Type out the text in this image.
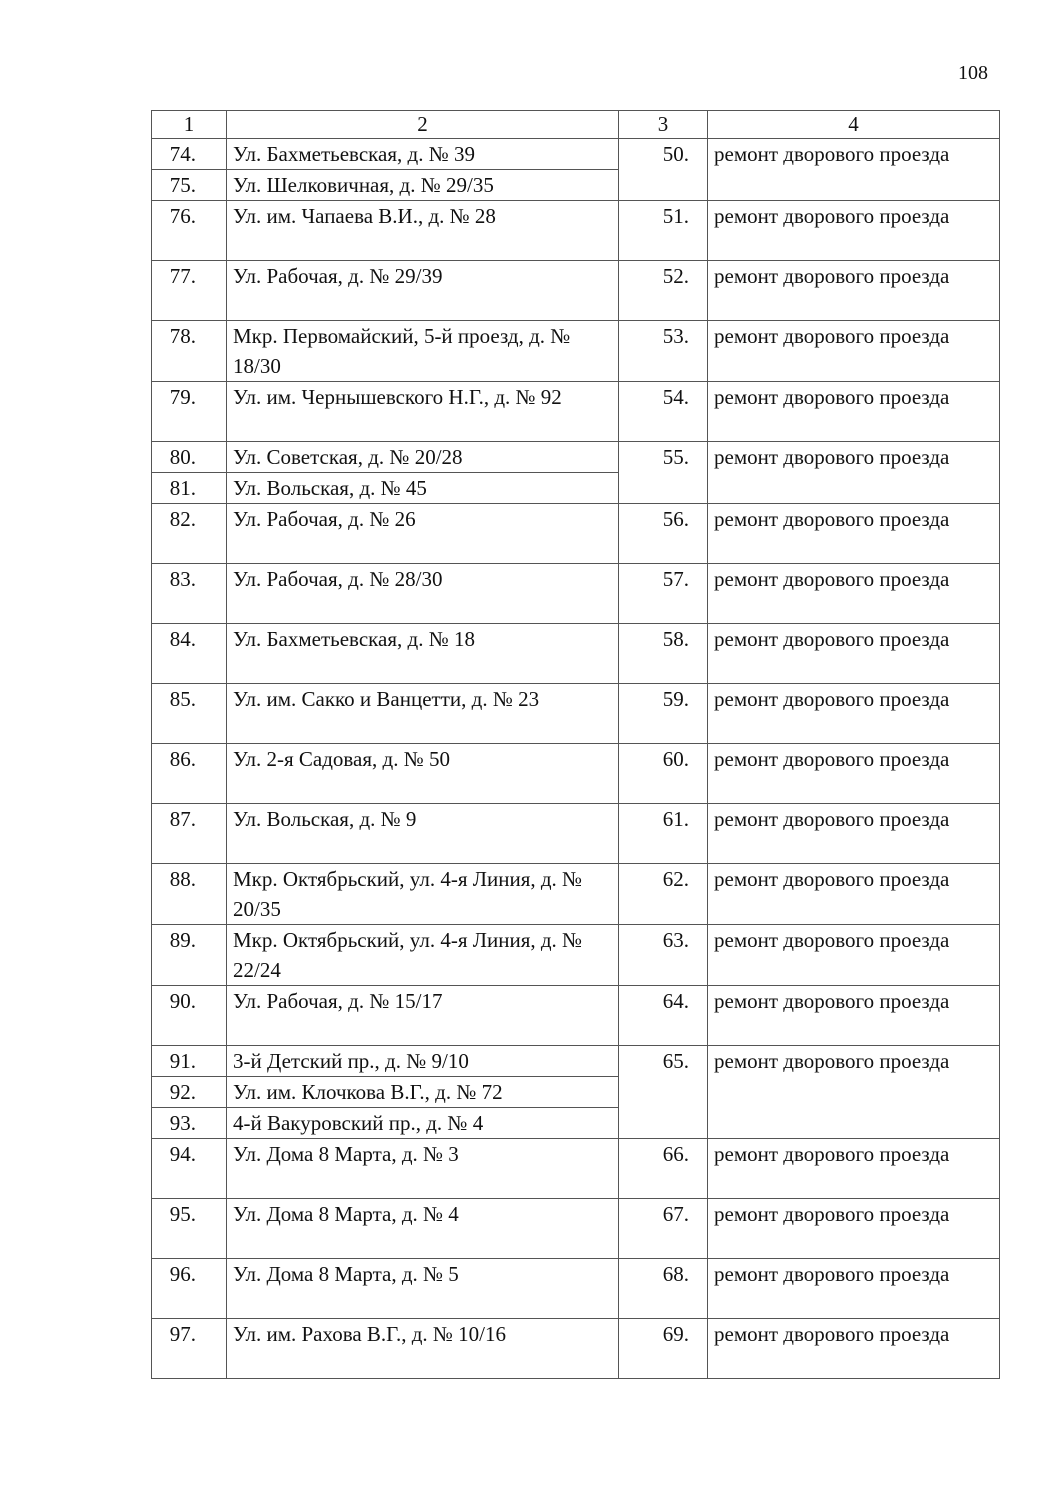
108
1	2	3	4
74.	Ул. Бахметьевская, д. № 39	50.	ремонт дворового проезда
75.	Ул. Шелковичная, д. № 29/35		
76.	Ул. им. Чапаева В.И., д. № 28	51.	ремонт дворового проезда
77.	Ул. Рабочая, д. № 29/39	52.	ремонт дворового проезда
78.	Мкр. Первомайский, 5-й проезд, д. № 18/30	53.	ремонт дворового проезда
79.	Ул. им. Чернышевского Н.Г., д. № 92	54.	ремонт дворового проезда
80.	Ул. Советская, д. № 20/28	55.	ремонт дворового проезда
81.	Ул. Вольская, д. № 45		
82.	Ул. Рабочая, д. № 26	56.	ремонт дворового проезда
83.	Ул. Рабочая, д. № 28/30	57.	ремонт дворового проезда
84.	Ул. Бахметьевская, д. № 18	58.	ремонт дворового проезда
85.	Ул. им. Сакко и Ванцетти, д. № 23	59.	ремонт дворового проезда
86.	Ул. 2-я Садовая, д. № 50	60.	ремонт дворового проезда
87.	Ул. Вольская, д. № 9	61.	ремонт дворового проезда
88.	Мкр. Октябрьский, ул. 4-я Линия, д. № 20/35	62.	ремонт дворового проезда
89.	Мкр. Октябрьский, ул. 4-я Линия, д. № 22/24	63.	ремонт дворового проезда
90.	Ул. Рабочая, д. № 15/17	64.	ремонт дворового проезда
91.	3-й Детский пр., д. № 9/10	65.	ремонт дворового проезда
92.	Ул. им. Клочкова В.Г., д. № 72		
93.	4-й Вакуровский пр., д. № 4		
94.	Ул. Дома 8 Марта, д. № 3	66.	ремонт дворового проезда
95.	Ул. Дома 8 Марта, д. № 4	67.	ремонт дворового проезда
96.	Ул. Дома 8 Марта, д. № 5	68.	ремонт дворового проезда
97.	Ул. им. Рахова В.Г., д. № 10/16	69.	ремонт дворового проезда
